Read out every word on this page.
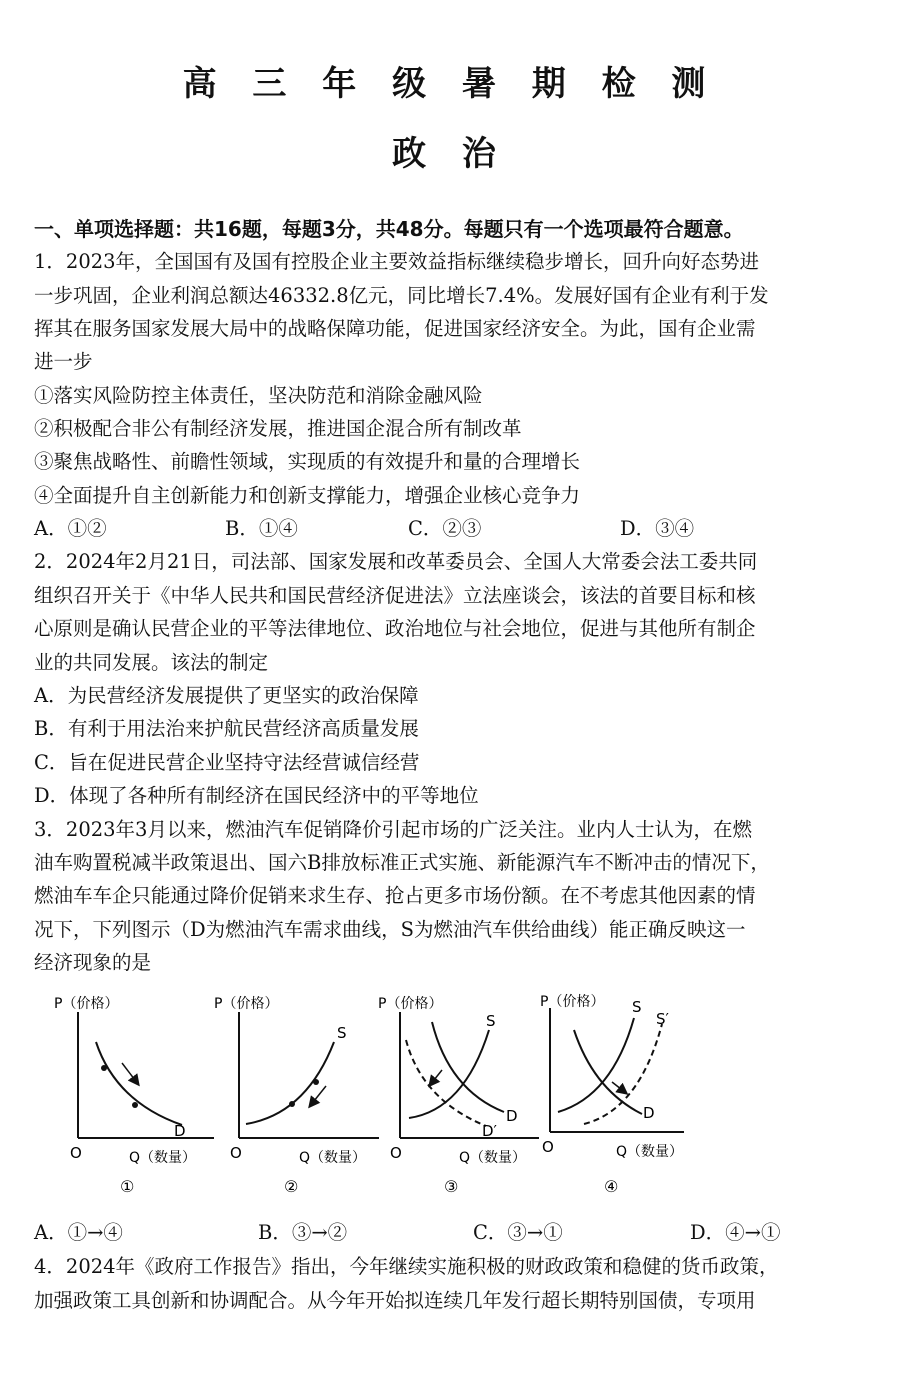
高 三 年 级 暑 期 检 测
政 治
一、单项选择题：共16题，每题3分，共48分。每题只有一个选项最符合题意。
1．2023年，全国国有及国有控股企业主要效益指标继续稳步增长，回升向好态势进
一步巩固，企业利润总额达46332.8亿元，同比增长7.4%。发展好国有企业有利于发
挥其在服务国家发展大局中的战略保障功能，促进国家经济安全。为此，国有企业需
进一步
①落实风险防控主体责任，坚决防范和消除金融风险
②积极配合非公有制经济发展，推进国企混合所有制改革
③聚焦战略性、前瞻性领域，实现质的有效提升和量的合理增长
④全面提升自主创新能力和创新支撑能力，增强企业核心竞争力
A．①②	B．①④	C．②③	D．③④
2．2024年2月21日，司法部、国家发展和改革委员会、全国人大常委会法工委共同
组织召开关于《中华人民共和国民营经济促进法》立法座谈会，该法的首要目标和核
心原则是确认民营企业的平等法律地位、政治地位与社会地位，促进与其他所有制企
业的共同发展。该法的制定
A．为民营经济发展提供了更坚实的政治保障
B．有利于用法治来护航民营经济高质量发展
C．旨在促进民营企业坚持守法经营诚信经营
D．体现了各种所有制经济在国民经济中的平等地位
3．2023年3月以来，燃油汽车促销降价引起市场的广泛关注。业内人士认为，在燃
油车购置税减半政策退出、国六B排放标准正式实施、新能源汽车不断冲击的情况下，
燃油车车企只能通过降价促销来求生存、抢占更多市场份额。在不考虑其他因素的情
况下，下列图示（D为燃油汽车需求曲线，S为燃油汽车供给曲线）能正确反映这一
经济现象的是
P（价格）
O	Q（数量）
D
①
P（价格）
O	Q（数量）
S
②
P（价格）
O	Q（数量）
S
D
D′
③
P（价格）
O	Q（数量）
S
S′
D
④
A．①→④	B．③→②	C．③→①	D．④→①
4．2024年《政府工作报告》指出，今年继续实施积极的财政政策和稳健的货币政策，
加强政策工具创新和协调配合。从今年开始拟连续几年发行超长期特别国债，专项用
